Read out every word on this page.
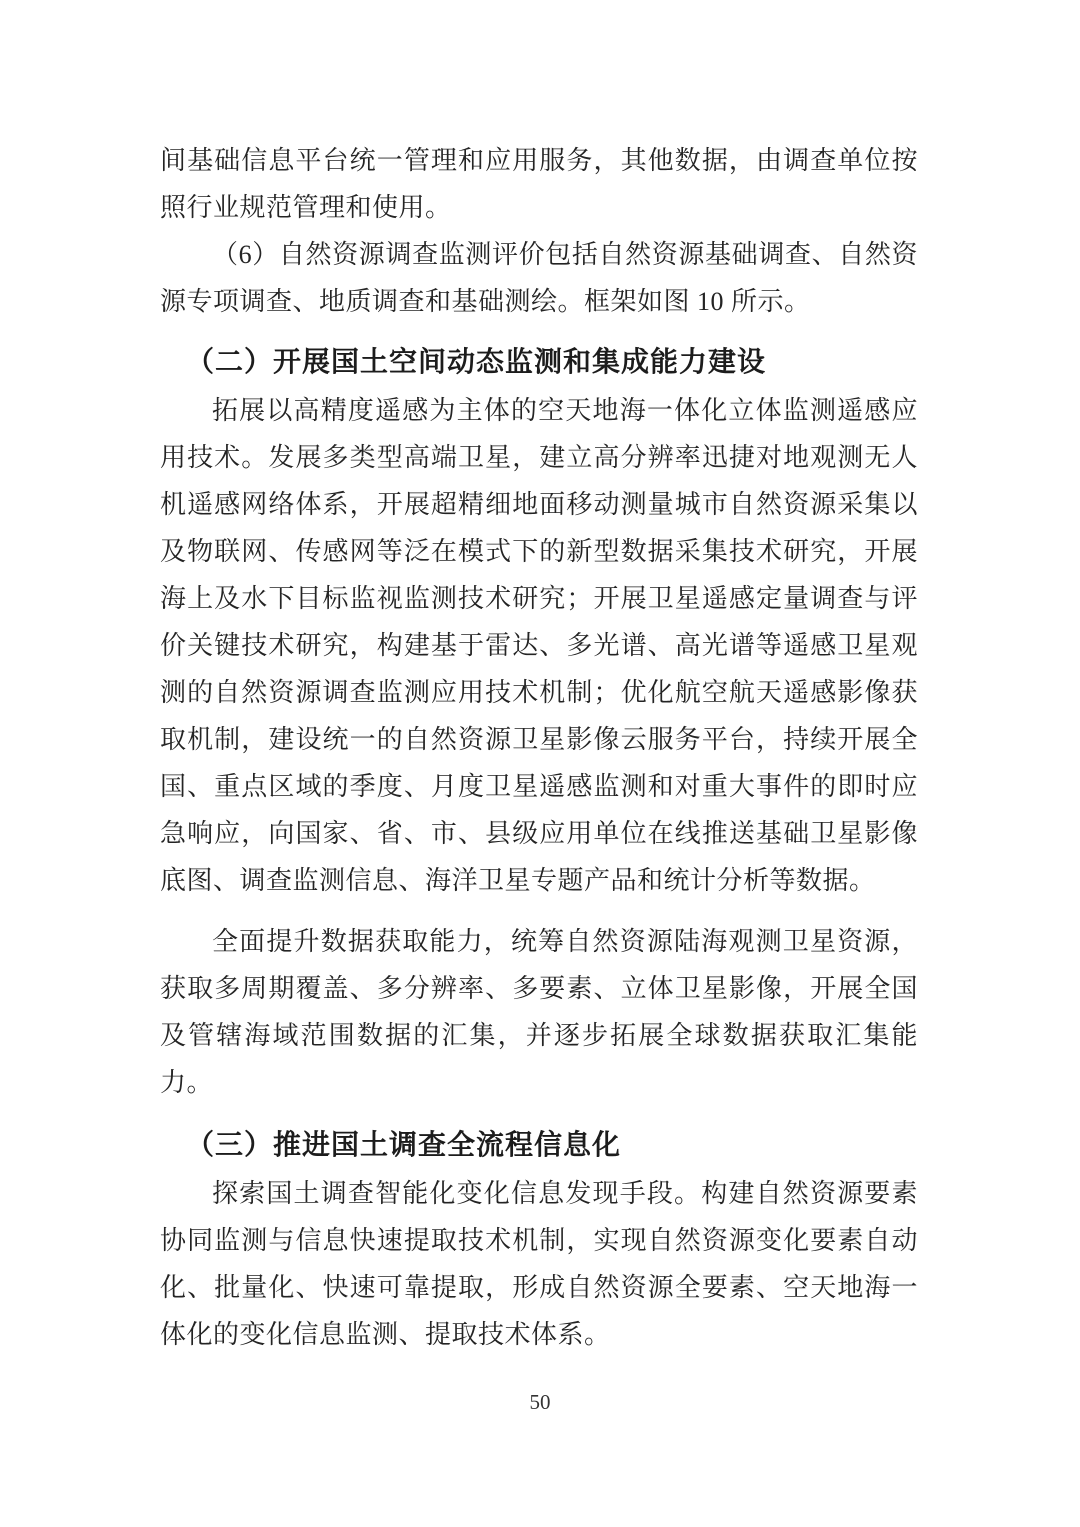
间基础信息平台统一管理和应用服务，其他数据，由调查单位按照行业规范管理和使用。

（6）自然资源调查监测评价包括自然资源基础调查、自然资源专项调查、地质调查和基础测绘。框架如图 10 所示。

（二）开展国土空间动态监测和集成能力建设

拓展以高精度遥感为主体的空天地海一体化立体监测遥感应用技术。发展多类型高端卫星，建立高分辨率迅捷对地观测无人机遥感网络体系，开展超精细地面移动测量城市自然资源采集以及物联网、传感网等泛在模式下的新型数据采集技术研究，开展海上及水下目标监视监测技术研究；开展卫星遥感定量调查与评价关键技术研究，构建基于雷达、多光谱、高光谱等遥感卫星观测的自然资源调查监测应用技术机制；优化航空航天遥感影像获取机制，建设统一的自然资源卫星影像云服务平台，持续开展全国、重点区域的季度、月度卫星遥感监测和对重大事件的即时应急响应，向国家、省、市、县级应用单位在线推送基础卫星影像底图、调查监测信息、海洋卫星专题产品和统计分析等数据。

全面提升数据获取能力，统筹自然资源陆海观测卫星资源，获取多周期覆盖、多分辨率、多要素、立体卫星影像，开展全国及管辖海域范围数据的汇集，并逐步拓展全球数据获取汇集能力。

（三）推进国土调查全流程信息化

探索国土调查智能化变化信息发现手段。构建自然资源要素协同监测与信息快速提取技术机制，实现自然资源变化要素自动化、批量化、快速可靠提取，形成自然资源全要素、空天地海一体化的变化信息监测、提取技术体系。

50
